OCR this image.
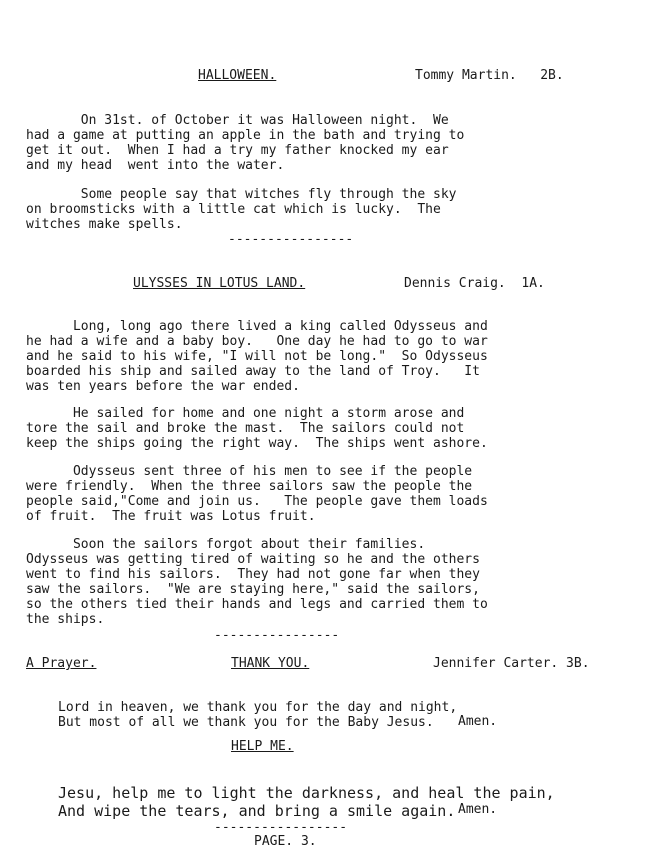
HALLOWEEN.	Tommy Martin.   2B.

On 31st. of October it was Halloween night.  We
had a game at putting an apple in the bath and trying to
get it out.  When I had a try my father knocked my ear
and my head  went into the water.

Some people say that witches fly through the sky
on broomsticks with a little cat which is lucky.  The
witches make spells.

----------------
ULYSSES IN LOTUS LAND.	Dennis Craig.  1A.

Long, long ago there lived a king called Odysseus and
he had a wife and a baby boy.   One day he had to go to war
and he said to his wife, "I will not be long."  So Odysseus
boarded his ship and sailed away to the land of Troy.   It
was ten years before the war ended.

He sailed for home and one night a storm arose and
tore the sail and broke the mast.  The sailors could not
keep the ships going the right way.  The ships went ashore.

Odysseus sent three of his men to see if the people
were friendly.  When the three sailors saw the people the
people said,"Come and join us.   The people gave them loads
of fruit.  The fruit was Lotus fruit.

Soon the sailors forgot about their families.
Odysseus was getting tired of waiting so he and the others
went to find his sailors.  They had not gone far when they
saw the sailors.  "We are staying here," said the sailors,
so the others tied their hands and legs and carried them to
the ships.

----------------
A Prayer.	THANK YOU.	Jennifer Carter. 3B.

Lord in heaven, we thank you for the day and night,
But most of all we thank you for the Baby Jesus.	Amen.
HELP ME.

Jesu, help me to light the darkness, and heal the pain,
And wipe the tears, and bring a smile again. Amen.
-----------------
PAGE. 3.
